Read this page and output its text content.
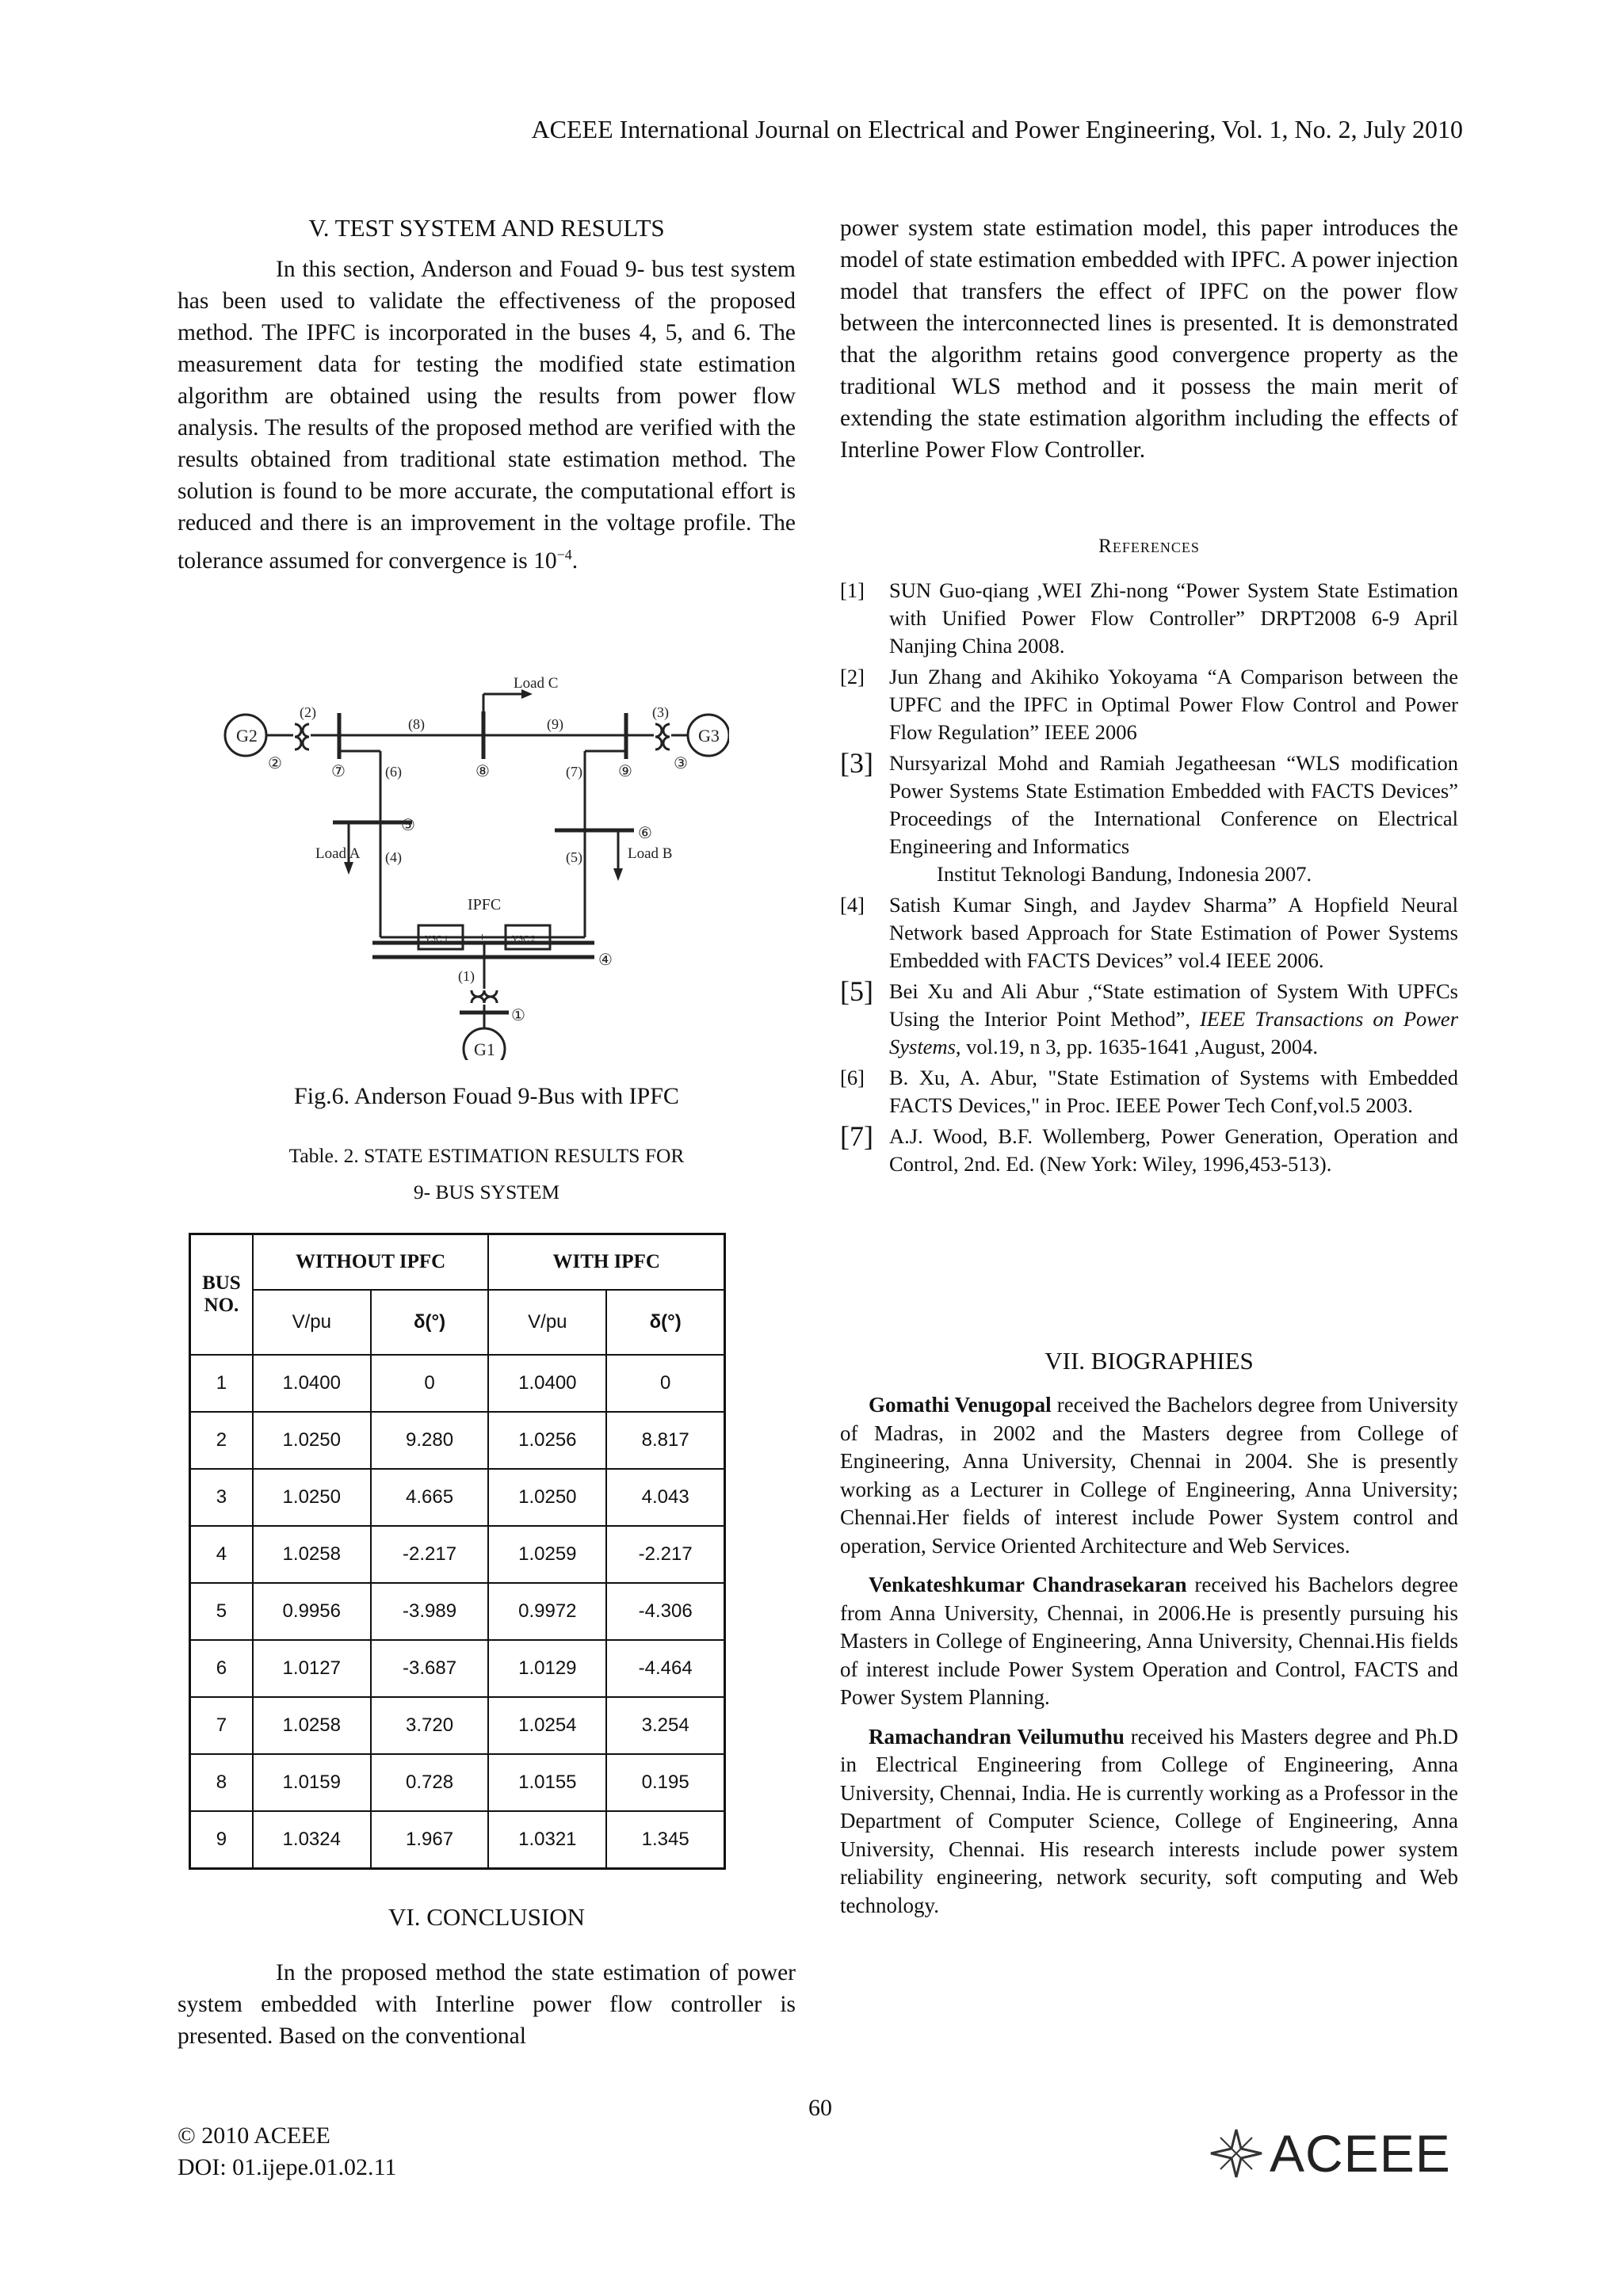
ACEEE International Journal on Electrical and Power Engineering, Vol. 1, No. 2, July 2010
V. TEST SYSTEM AND RESULTS

In this section, Anderson and Fouad 9- bus test system has been used to validate the effectiveness of the proposed method. The IPFC is incorporated in the buses 4, 5, and 6. The measurement data for testing the modified state estimation algorithm are obtained using the results from power flow analysis. The results of the proposed method are verified with the results obtained from traditional state estimation method. The solution is found to be more accurate, the computational effort is reduced and there is an improvement in the voltage profile. The tolerance assumed for convergence is $10^{-4}$.

G2	G3
G1
Load A	Load B
Load C
IPFC
VSC 1	VSC 2
+
(2)	(3)
(8)	(9)
(6)	(7)
(4)	(5)
(1)
②	③
⑦	⑧	⑨
⑤	⑥
④
①
Fig.6. Anderson Fouad 9-Bus with IPFC
Table. 2. STATE ESTIMATION RESULTS FOR
9- BUS SYSTEM
BUS NO.	WITHOUT IPFC		WITH IPFC	
	V/pu	δ(°)	V/pu	δ(°)
1	1.0400	0	1.0400	0
2	1.0250	9.280	1.0256	8.817
3	1.0250	4.665	1.0250	4.043
4	1.0258	-2.217	1.0259	-2.217
5	0.9956	-3.989	0.9972	-4.306
6	1.0127	-3.687	1.0129	-4.464
7	1.0258	3.720	1.0254	3.254
8	1.0159	0.728	1.0155	0.195
9	1.0324	1.967	1.0321	1.345
VI. CONCLUSION

In the proposed method the state estimation of power system embedded with Interline power flow controller is presented. Based on the conventional

power system state estimation model, this paper introduces the model of state estimation embedded with IPFC. A power injection model that transfers the effect of IPFC on the power flow between the interconnected lines is presented. It is demonstrated that the algorithm retains good convergence property as the traditional WLS method and it possess the main merit of extending the state estimation algorithm including the effects of Interline Power Flow Controller.

References
[1]	SUN Guo-qiang ,WEI Zhi-nong “Power System State Estimation with Unified Power Flow Controller” DRPT2008 6-9 April Nanjing China 2008.
[2]	Jun Zhang and Akihiko Yokoyama “A Comparison between the UPFC and the IPFC in Optimal Power Flow Control and Power Flow Regulation” IEEE 2006
[3] Nursyarizal Mohd and Ramiah Jegatheesan “WLS modification Power Systems State Estimation Embedded with FACTS Devices” Proceedings of the International Conference on Electrical Engineering and Informatics
Institut Teknologi Bandung, Indonesia 2007.
[4]	Satish Kumar Singh, and Jaydev Sharma” A Hopfield Neural Network based Approach for State Estimation of Power Systems Embedded with FACTS Devices” vol.4 IEEE 2006.
[5] Bei Xu and Ali Abur ,“State estimation of System With UPFCs Using the Interior Point Method”, IEEE Transactions on Power Systems, vol.19, n 3, pp. 1635-1641 ,August, 2004.
[6]	B. Xu, A. Abur, "State Estimation of Systems with Embedded FACTS Devices," in Proc. IEEE Power Tech Conf,vol.5 2003.
[7] A.J. Wood, B.F. Wollemberg, Power Generation, Operation and Control, 2nd. Ed. (New York: Wiley, 1996,453-513).
VII. BIOGRAPHIES

Gomathi Venugopal received the Bachelors degree from University of Madras, in 2002 and the Masters degree from College of Engineering, Anna University, Chennai in 2004. She is presently working as a Lecturer in College of Engineering, Anna University; Chennai.Her fields of interest include Power System control and operation, Service Oriented Architecture and Web Services.

Venkateshkumar Chandrasekaran received his Bachelors degree from Anna University, Chennai, in 2006.He is presently pursuing his Masters in College of Engineering, Anna University, Chennai.His fields of interest include Power System Operation and Control, FACTS and Power System Planning.

Ramachandran Veilumuthu received his Masters degree and Ph.D in Electrical Engineering from College of Engineering, Anna University, Chennai, India. He is currently working as a Professor in the Department of Computer Science, College of Engineering, Anna University, Chennai. His research interests include power system reliability engineering, network security, soft computing and Web technology.

60
© 2010 ACEEE
DOI: 01.ijepe.01.02.11	ACEEE
